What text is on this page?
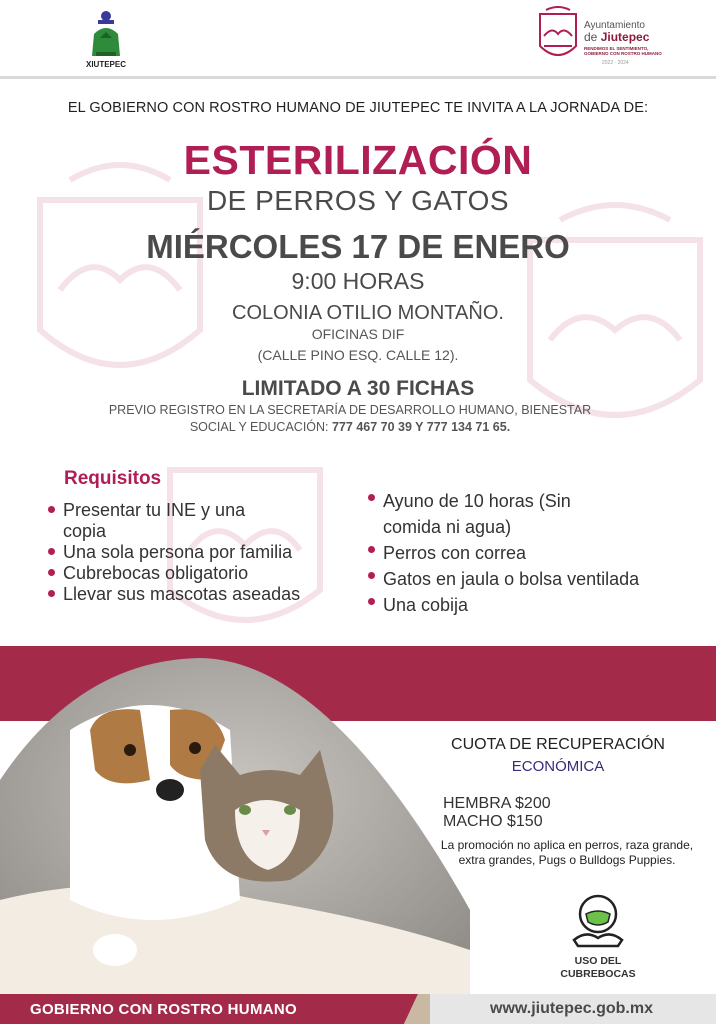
XIUTEPEC
Ayuntamiento
de Jiutepec
RENDIMOS EL SENTIMIENTO, GOBIERNO CON ROSTRO HUMANO
2022 · 2024
EL GOBIERNO CON ROSTRO HUMANO DE JIUTEPEC TE INVITA A LA JORNADA DE:
ESTERILIZACIÓN
DE PERROS Y GATOS
MIÉRCOLES 17 DE ENERO
9:00 HORAS
COLONIA OTILIO MONTAÑO.
OFICINAS DIF
(CALLE PINO ESQ. CALLE 12).
LIMITADO A 30 FICHAS
PREVIO REGISTRO EN LA SECRETARÍA DE DESARROLLO HUMANO, BIENESTAR
SOCIAL Y EDUCACIÓN: 777 467 70 39 Y 777 134 71 65.
Requisitos
Presentar tu INE y una copia
Una sola persona por familia
Cubrebocas obligatorio
Llevar sus mascotas aseadas
Ayuno de 10 horas (Sin comida ni agua)
Perros con correa
Gatos en jaula o bolsa ventilada
Una cobija
CUOTA DE RECUPERACIÓN
ECONÓMICA
HEMBRA $200
MACHO $150
La promoción no aplica en perros, raza grande, extra grandes, Pugs o Bulldogs Puppies.
USO DEL CUBREBOCAS
GOBIERNO CON ROSTRO HUMANO	www.jiutepec.gob.mx
